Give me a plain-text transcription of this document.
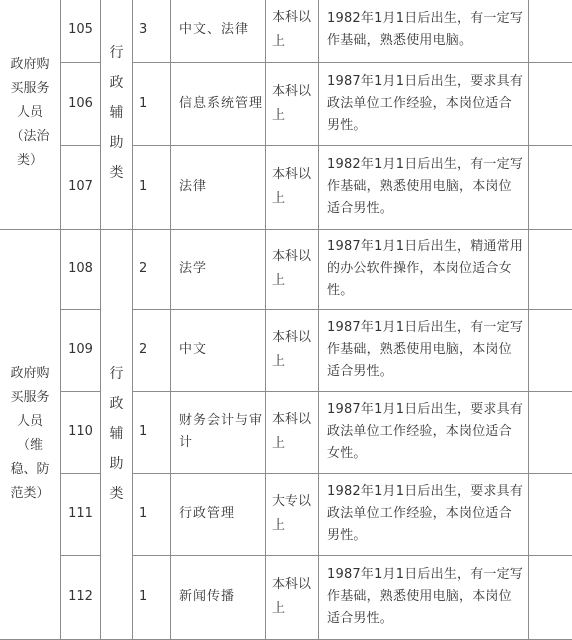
政府购买服务人员（法治类）	105	行政辅助类	3	中文、法律	本科以上	1982年1月1日后出生，有一定写作基础，熟悉使用电脑。	
	106		1	信息系统管理	本科以上	1987年1月1日后出生，要求具有政法单位工作经验，本岗位适合男性。	
	107		1	法律	本科以上	1982年1月1日后出生，有一定写作基础，熟悉使用电脑，本岗位适合男性。	
政府购买服务人员（维稳、防范类）	108	行政辅助类	2	法学	本科以上	1987年1月1日后出生，精通常用的办公软件操作，本岗位适合女性。	
	109		2	中文	本科以上	1987年1月1日后出生，有一定写作基础，熟悉使用电脑，本岗位适合男性。	
	110		1	财务会计与审计	本科以上	1987年1月1日后出生，要求具有政法单位工作经验，本岗位适合女性。	
	111		1	行政管理	大专以上	1982年1月1日后出生，要求具有政法单位工作经验，本岗位适合男性。	
	112		1	新闻传播	本科以上	1987年1月1日后出生，有一定写作基础，熟悉使用电脑，本岗位适合男性。	
